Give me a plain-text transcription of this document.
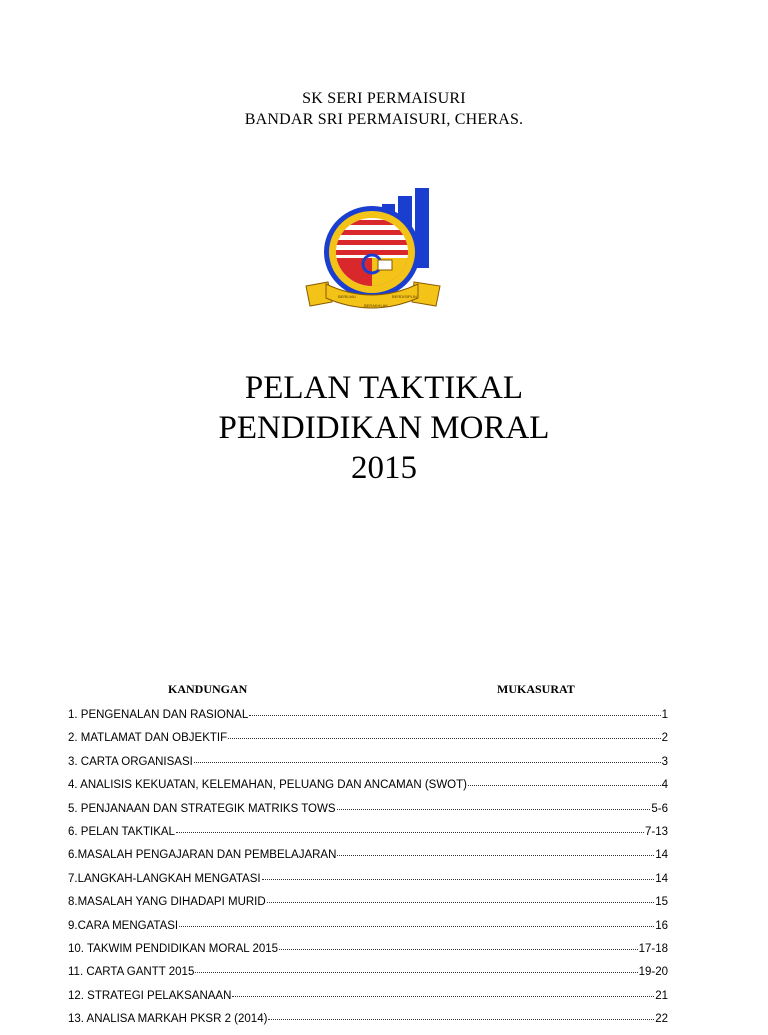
SK SERI PERMAISURI
BANDAR SRI PERMAISURI, CHERAS.
BERILMU
BERAKHLAK
BERDISIPLIN
PELAN TAKTIKAL
PENDIDIKAN MORAL
2015
KANDUNGAN	MUKASURAT
1. PENGENALAN DAN RASIONAL	1
2. MATLAMAT DAN OBJEKTIF	2
3. CARTA ORGANISASI	3
4. ANALISIS KEKUATAN, KELEMAHAN, PELUANG DAN ANCAMAN (SWOT)	4
5. PENJANAAN DAN STRATEGIK MATRIKS TOWS	5-6
6. PELAN TAKTIKAL	7-13
6.MASALAH PENGAJARAN DAN PEMBELAJARAN	14
7.LANGKAH-LANGKAH MENGATASI	14
8.MASALAH YANG DIHADAPI MURID	15
9.CARA MENGATASI	16
10. TAKWIM PENDIDIKAN MORAL 2015	17-18
11. CARTA GANTT 2015	19-20
12. STRATEGI PELAKSANAAN	21
13. ANALISA MARKAH PKSR 2 (2014)	22
